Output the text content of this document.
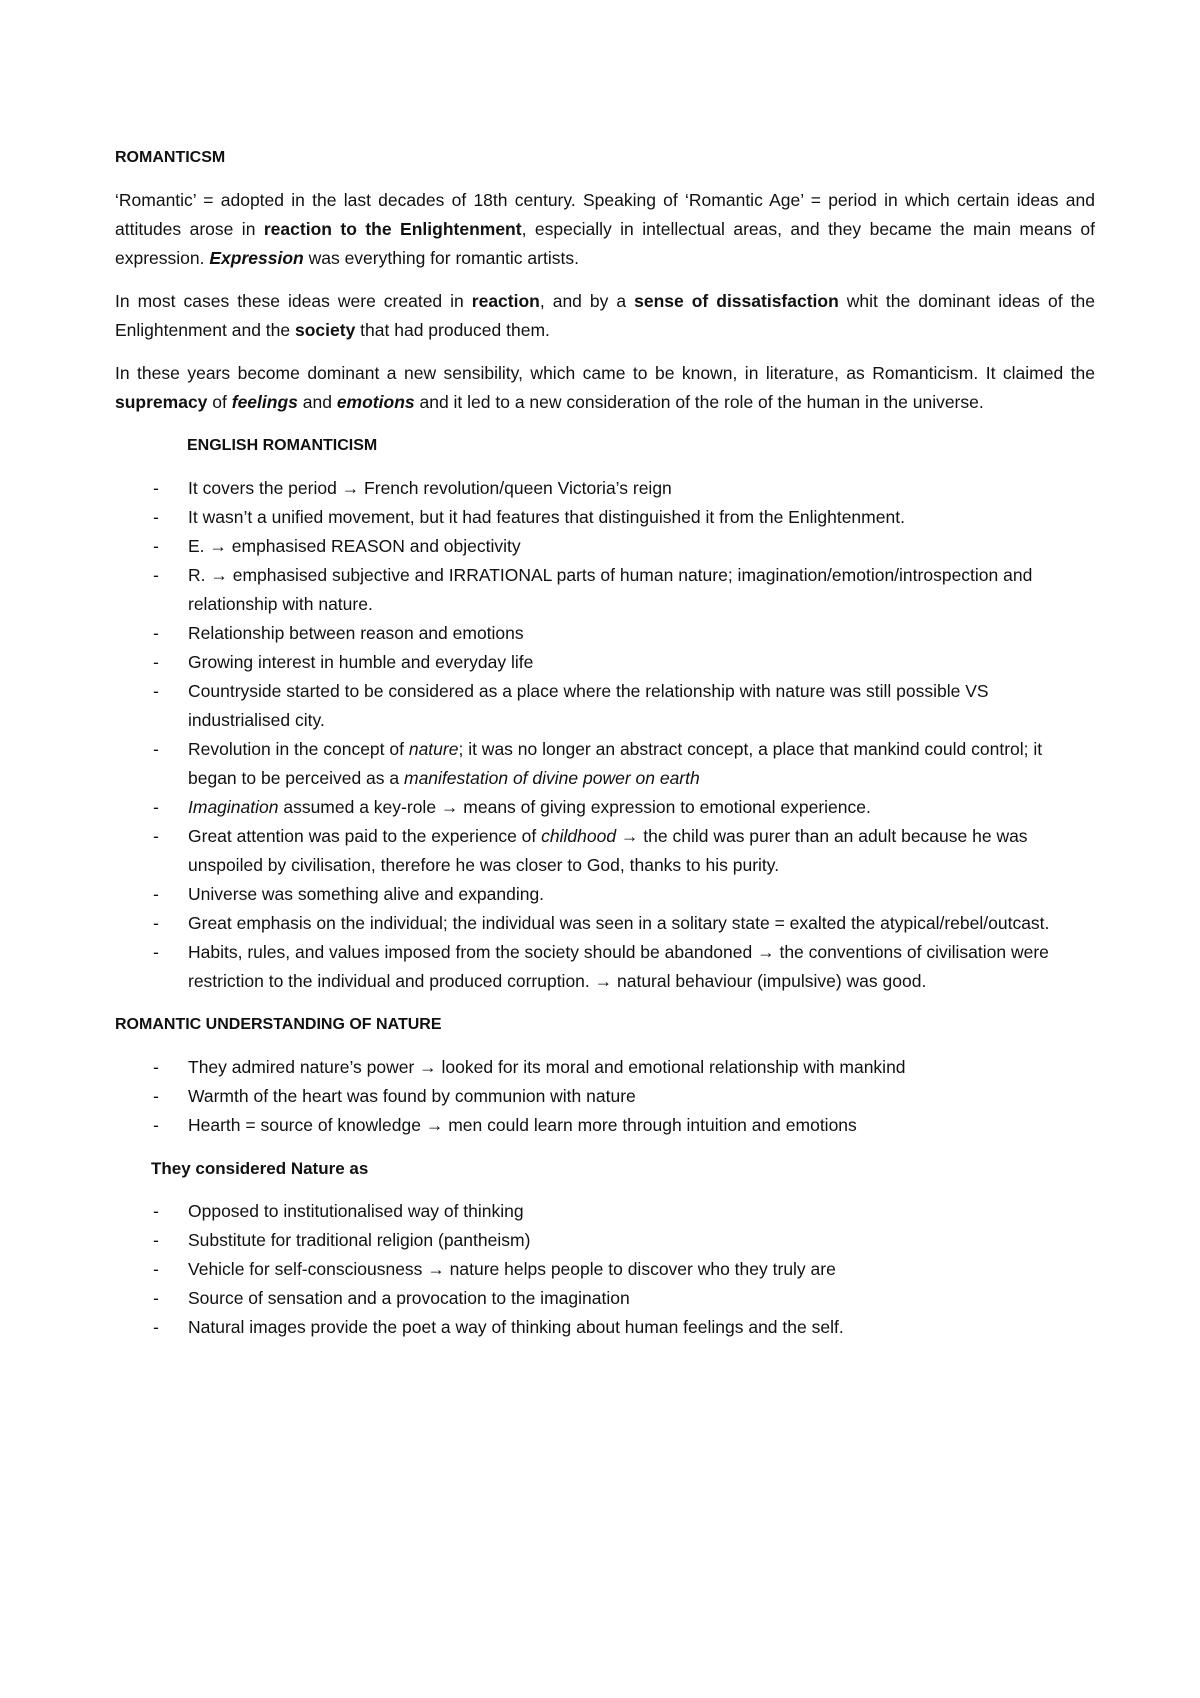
ROMANTICSM

‘Romantic’ = adopted in the last decades of 18th century. Speaking of ‘Romantic Age’ = period in which certain ideas and attitudes arose in reaction to the Enlightenment, especially in intellectual areas, and they became the main means of expression. Expression was everything for romantic artists.

In most cases these ideas were created in reaction, and by a sense of dissatisfaction whit the dominant ideas of the Enlightenment and the society that had produced them.

In these years become dominant a new sensibility, which came to be known, in literature, as Romanticism. It claimed the supremacy of feelings and emotions and it led to a new consideration of the role of the human in the universe.

ENGLISH ROMANTICISM
- It covers the period → French revolution/queen Victoria’s reign
- It wasn’t a unified movement, but it had features that distinguished it from the Enlightenment.
- E. → emphasised REASON and objectivity
- R. → emphasised subjective and IRRATIONAL parts of human nature; imagination/emotion/introspection and relationship with nature.
- Relationship between reason and emotions
- Growing interest in humble and everyday life
- Countryside started to be considered as a place where the relationship with nature was still possible VS industrialised city.
- Revolution in the concept of nature; it was no longer an abstract concept, a place that mankind could control; it began to be perceived as a manifestation of divine power on earth
- Imagination assumed a key-role → means of giving expression to emotional experience.
- Great attention was paid to the experience of childhood → the child was purer than an adult because he was unspoiled by civilisation, therefore he was closer to God, thanks to his purity.
- Universe was something alive and expanding.
- Great emphasis on the individual; the individual was seen in a solitary state = exalted the atypical/rebel/outcast.
- Habits, rules, and values imposed from the society should be abandoned → the conventions of civilisation were restriction to the individual and produced corruption. → natural behaviour (impulsive) was good.
ROMANTIC UNDERSTANDING OF NATURE
- They admired nature’s power → looked for its moral and emotional relationship with mankind
- Warmth of the heart was found by communion with nature
- Hearth = source of knowledge → men could learn more through intuition and emotions
They considered Nature as
- Opposed to institutionalised way of thinking
- Substitute for traditional religion (pantheism)
- Vehicle for self-consciousness → nature helps people to discover who they truly are
- Source of sensation and a provocation to the imagination
- Natural images provide the poet a way of thinking about human feelings and the self.
